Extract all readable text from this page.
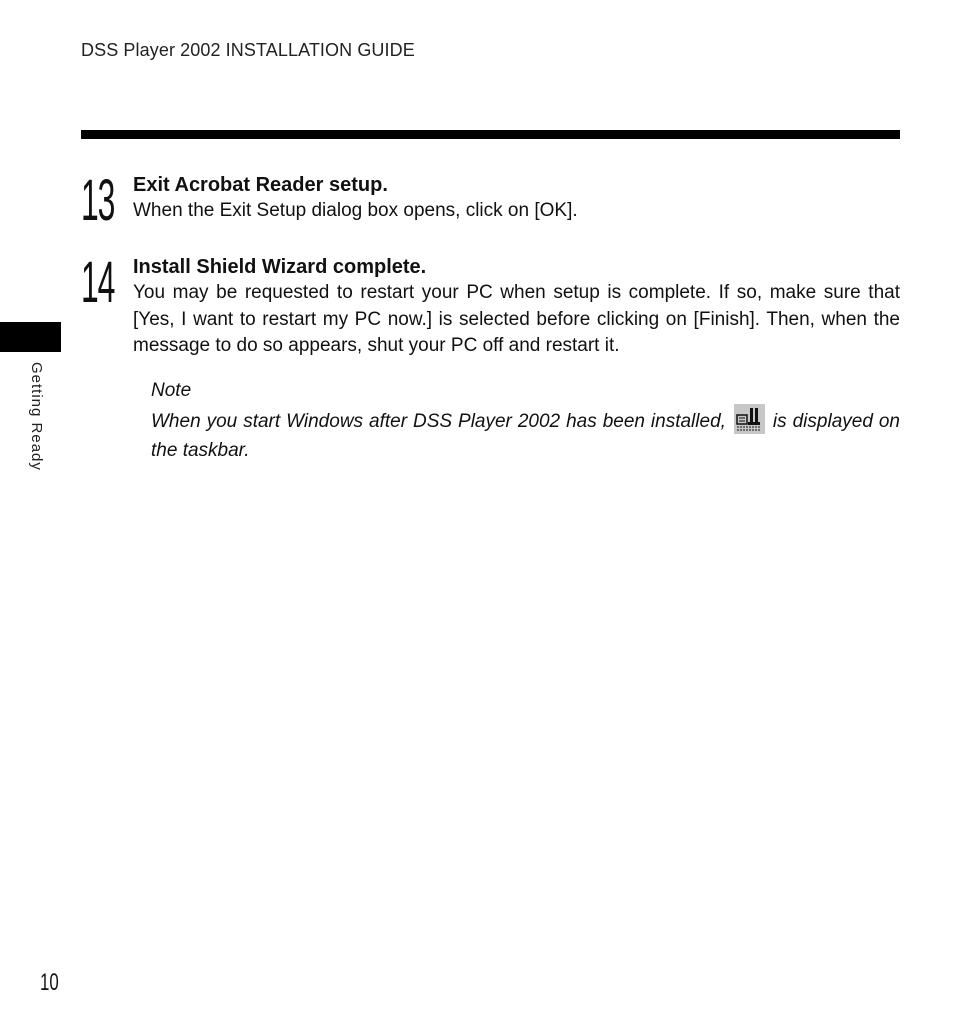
DSS Player 2002 INSTALLATION GUIDE
Getting Ready
13 Exit Acrobat Reader setup.
When the Exit Setup dialog box opens, click on [OK].
14 Install Shield Wizard complete.
You may be requested to restart your PC when setup is complete. If so, make sure that [Yes, I want to restart my PC now.] is selected before clicking on [Finish]. Then, when the message to do so appears, shut your PC off and restart it.
Note
When you start Windows after DSS Player 2002 has been installed, is displayed on the taskbar.
10
